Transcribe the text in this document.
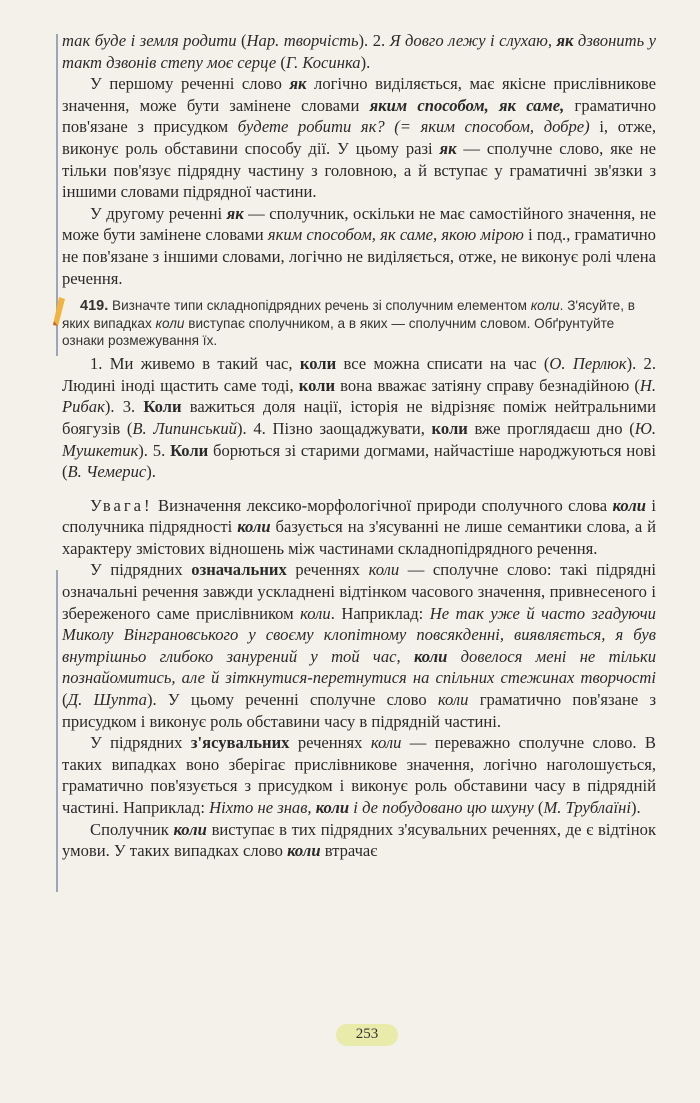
так буде і земля родити (Нар. творчість). 2. Я довго лежу і слухаю, як дзвонить у такт дзвонів степу моє серце (Г. Косинка).

У першому реченні слово як логічно виділяється, має якісне прислівникове значення, може бути замінене словами яким способом, як саме, граматично пов'язане з присудком будете робити як? (= яким способом, добре) і, отже, виконує роль обставини способу дії. У цьому разі як — сполучне слово, яке не тільки пов'язує підрядну частину з головною, а й вступає у граматичні зв'язки з іншими словами підрядної частини.

У другому реченні як — сполучник, оскільки не має самостійного значення, не може бути замінене словами яким способом, як саме, якою мірою і под., граматично не пов'язане з іншими словами, логічно не виділяється, отже, не виконує ролі члена речення.

419. Визначте типи складнопідрядних речень зі сполучним елементом коли. З'ясуйте, в яких випадках коли виступає сполучником, а в яких — сполучним словом. Обґрунтуйте ознаки розмежування їх.

1. Ми живемо в такий час, коли все можна списати на час (О. Перлюк). 2. Людині іноді щастить саме тоді, коли вона вважає затіяну справу безнадійною (Н. Рибак). 3. Коли важиться доля нації, історія не відрізняє поміж нейтральними боягузів (В. Липинський). 4. Пізно заощаджувати, коли вже проглядаєш дно (Ю. Мушкетик). 5. Коли борються зі старими догмами, найчастіше народжуються нові (В. Чемерис).

Увага! Визначення лексико-морфологічної природи сполучного слова коли і сполучника підрядності коли базується на з'ясуванні не лише семантики слова, а й характеру змістових відношень між частинами складнопідрядного речення.

У підрядних означальних реченнях коли — сполучне слово: такі підрядні означальні речення завжди ускладнені відтінком часового значення, привнесеного і збереженого саме прислівником коли. Наприклад: Не так уже й часто згадуючи Миколу Вінграновського у своєму клопітному повсякденні, виявляється, я був внутрішньо глибоко занурений у той час, коли довелося мені не тільки познайомитись, але й зіткнутися-перетнутися на спільних стежинах творчості (Д. Шупта). У цьому реченні сполучне слово коли граматично пов'язане з присудком і виконує роль обставини часу в підрядній частині.

У підрядних з'ясувальних реченнях коли — переважно сполучне слово. В таких випадках воно зберігає прислівникове значення, логічно наголошується, граматично пов'язується з присудком і виконує роль обставини часу в підрядній частині. Наприклад: Ніхто не знав, коли і де побудовано цю шхуну (М. Трублаїні).

Сполучник коли виступає в тих підрядних з'ясувальних реченнях, де є відтінок умови. У таких випадках слово коли втрачає

253
